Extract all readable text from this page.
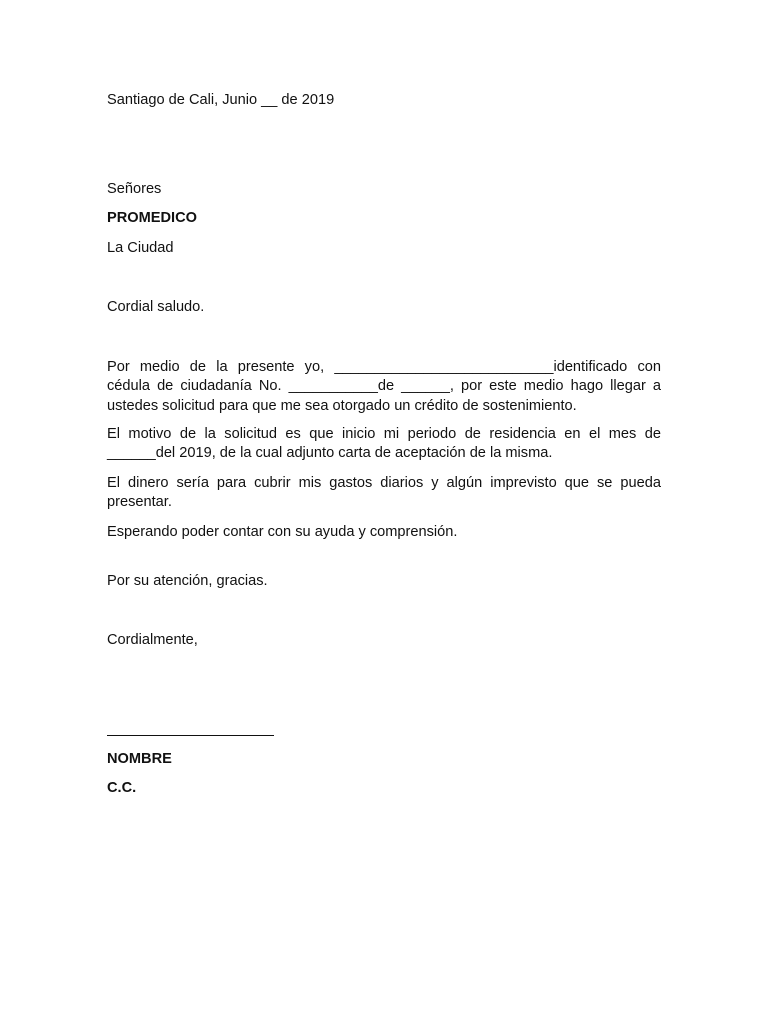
Santiago de Cali, Junio __ de 2019
Señores
PROMEDICO
La Ciudad
Cordial saludo.
Por medio de la presente yo, ___________________________identificado con
cédula de ciudadanía No. ___________de ______, por este medio hago llegar a
ustedes solicitud para que me sea otorgado un crédito de sostenimiento.
El motivo de la solicitud es que inicio mi periodo de residencia en el mes de
______del 2019, de la cual adjunto carta de aceptación de la misma.
El dinero sería para cubrir mis gastos diarios y algún imprevisto que se pueda
presentar.
Esperando poder contar con su ayuda y comprensión.
Por su atención, gracias.
Cordialmente,
NOMBRE
C.C.
